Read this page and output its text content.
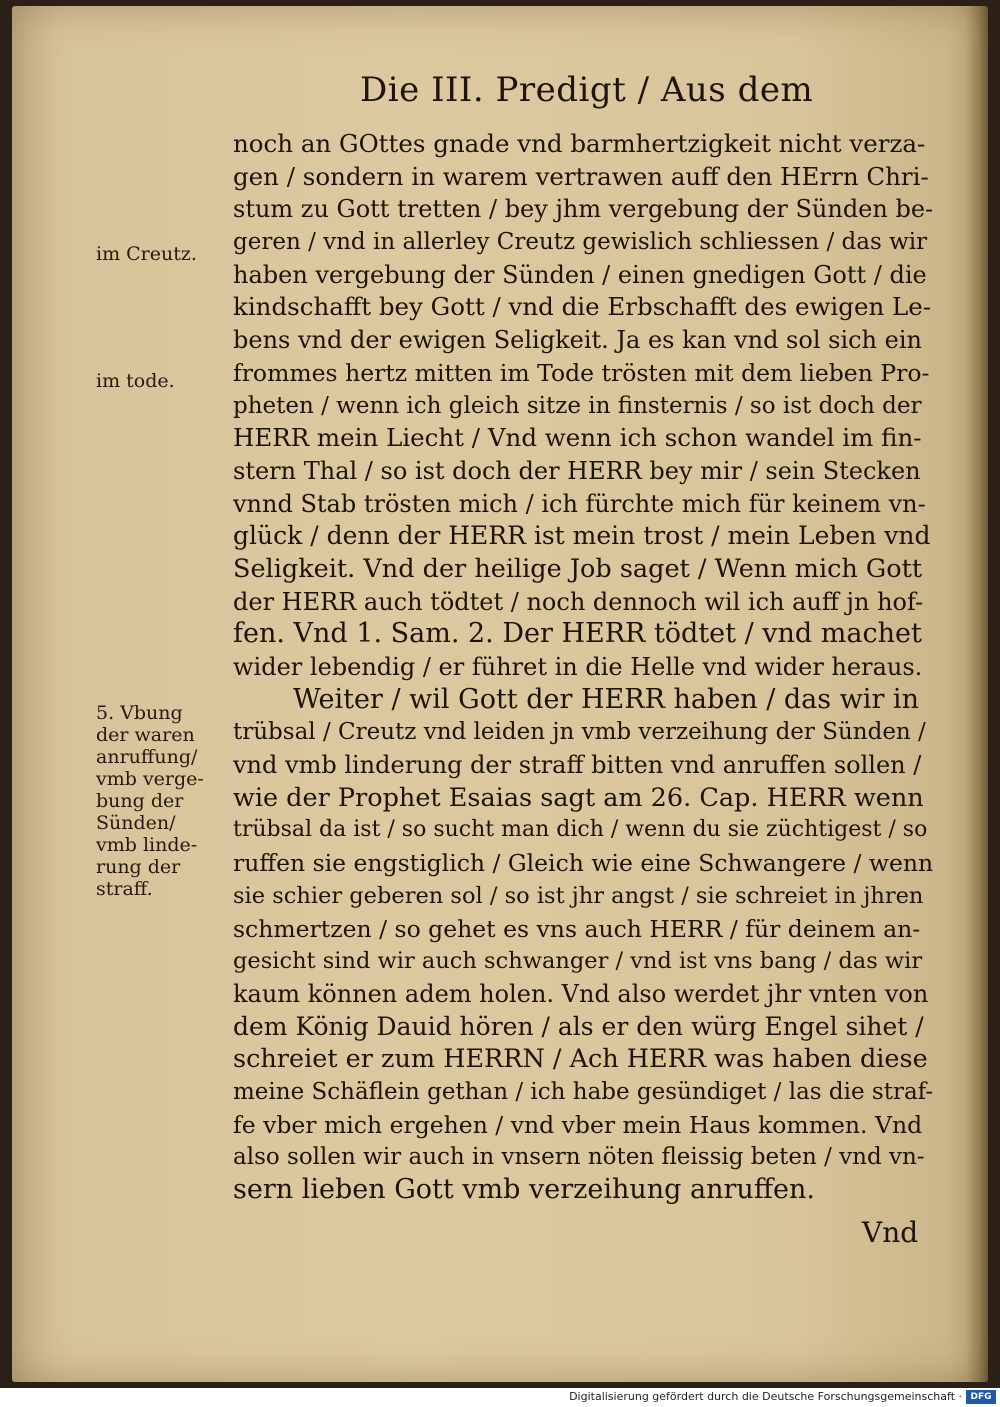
Die III. Predigt / Aus dem
im Creutz.
im tode.
5. Vbung
der waren
anruffung/
vmb verge-
bung der
Sünden/
vmb linde-
rung der
straff.
noch an GOttes gnade vnd barmhertzigkeit nicht verza-
gen / sondern in warem vertrawen auff den HErrn Chri-
stum zu Gott tretten / bey jhm vergebung der Sünden be-
geren / vnd in allerley Creutz gewislich schliessen / das wir
haben vergebung der Sünden / einen gnedigen Gott / die
kindschafft bey Gott / vnd die Erbschafft des ewigen Le-
bens vnd der ewigen Seligkeit. Ja es kan vnd sol sich ein
frommes hertz mitten im Tode trösten mit dem lieben Pro-
pheten / wenn ich gleich sitze in finsternis / so ist doch der
HERR mein Liecht / Vnd wenn ich schon wandel im fin-
stern Thal / so ist doch der HERR bey mir / sein Stecken
vnnd Stab trösten mich / ich fürchte mich für keinem vn-
glück / denn der HERR ist mein trost / mein Leben vnd
Seligkeit. Vnd der heilige Job saget / Wenn mich Gott
der HERR auch tödtet / noch dennoch wil ich auff jn hof-
fen. Vnd 1. Sam. 2. Der HERR tödtet / vnd machet
wider lebendig / er führet in die Helle vnd wider heraus.
Weiter / wil Gott der HERR haben / das wir in
trübsal / Creutz vnd leiden jn vmb verzeihung der Sünden /
vnd vmb linderung der straff bitten vnd anruffen sollen /
wie der Prophet Esaias sagt am 26. Cap. HERR wenn
trübsal da ist / so sucht man dich / wenn du sie züchtigest / so
ruffen sie engstiglich / Gleich wie eine Schwangere / wenn
sie schier geberen sol / so ist jhr angst / sie schreiet in jhren
schmertzen / so gehet es vns auch HERR / für deinem an-
gesicht sind wir auch schwanger / vnd ist vns bang / das wir
kaum können adem holen. Vnd also werdet jhr vnten von
dem König Dauid hören / als er den würg Engel sihet /
schreiet er zum HERRN / Ach HERR was haben diese
meine Schäflein gethan / ich habe gesündiget / las die straf-
fe vber mich ergehen / vnd vber mein Haus kommen. Vnd
also sollen wir auch in vnsern nöten fleissig beten / vnd vn-
sern lieben Gott vmb verzeihung anruffen.
Vnd
Digitalisierung gefördert durch die Deutsche Forschungsgemeinschaft · DFG
